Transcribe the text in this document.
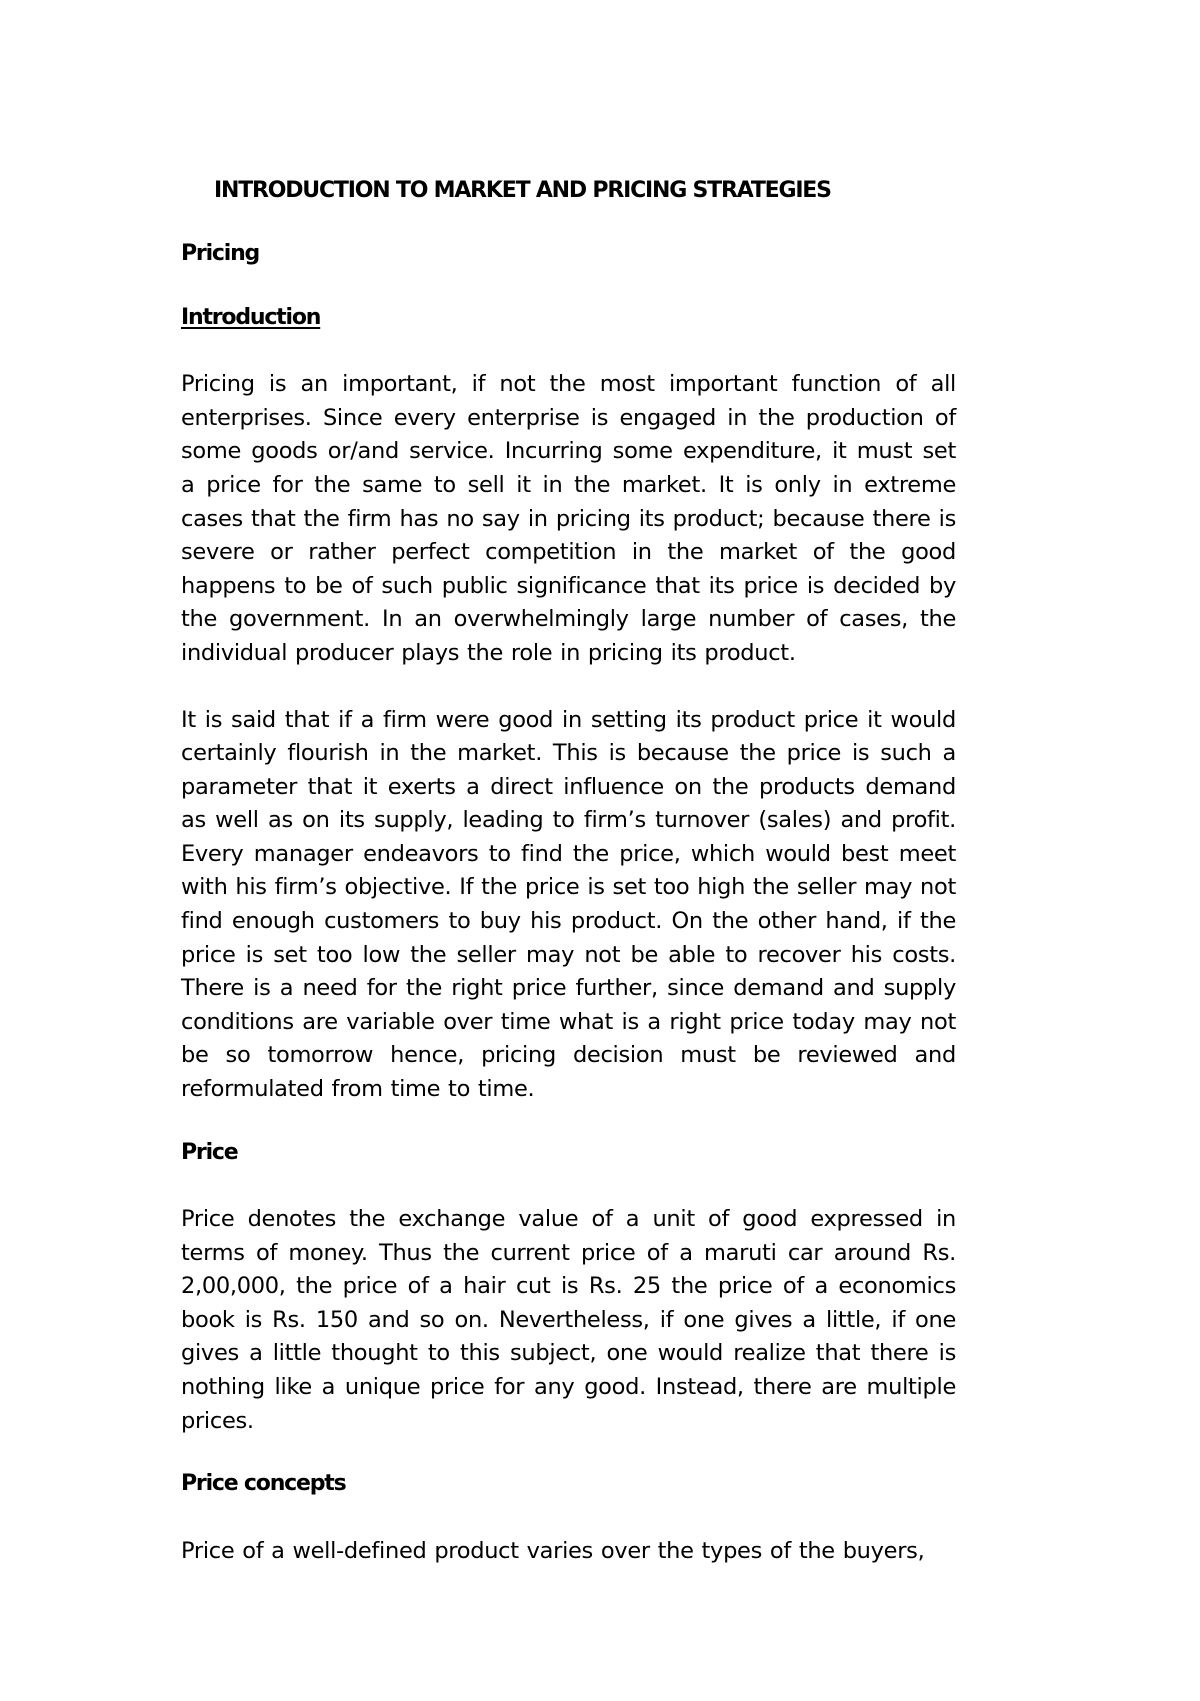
INTRODUCTION TO MARKET AND PRICING STRATEGIES
Pricing
Introduction

Pricing is an important, if not the most important function of all enterprises. Since every enterprise is engaged in the production of some goods or/and service. Incurring some expenditure, it must set a price for the same to sell it in the market. It is only in extreme cases that the firm has no say in pricing its product; because there is severe or rather perfect competition in the market of the good happens to be of such public significance that its price is decided by the government. In an overwhelmingly large number of cases, the individual producer plays the role in pricing its product.

It is said that if a firm were good in setting its product price it would certainly flourish in the market. This is because the price is such a parameter that it exerts a direct influence on the products demand as well as on its supply, leading to firm’s turnover (sales) and profit. Every manager endeavors to find the price, which would best meet with his firm’s objective. If the price is set too high the seller may not find enough customers to buy his product. On the other hand, if the price is set too low the seller may not be able to recover his costs. There is a need for the right price further, since demand and supply conditions are variable over time what is a right price today may not be so tomorrow hence, pricing decision must be reviewed and reformulated from time to time.

Price

Price denotes the exchange value of a unit of good expressed in terms of money. Thus the current price of a maruti car around Rs. 2,00,000, the price of a hair cut is Rs. 25 the price of a economics book is Rs. 150 and so on. Nevertheless, if one gives a little, if one gives a little thought to this subject, one would realize that there is nothing like a unique price for any good. Instead, there are multiple prices.

Price concepts

Price of a well-defined product varies over the types of the buyers,
